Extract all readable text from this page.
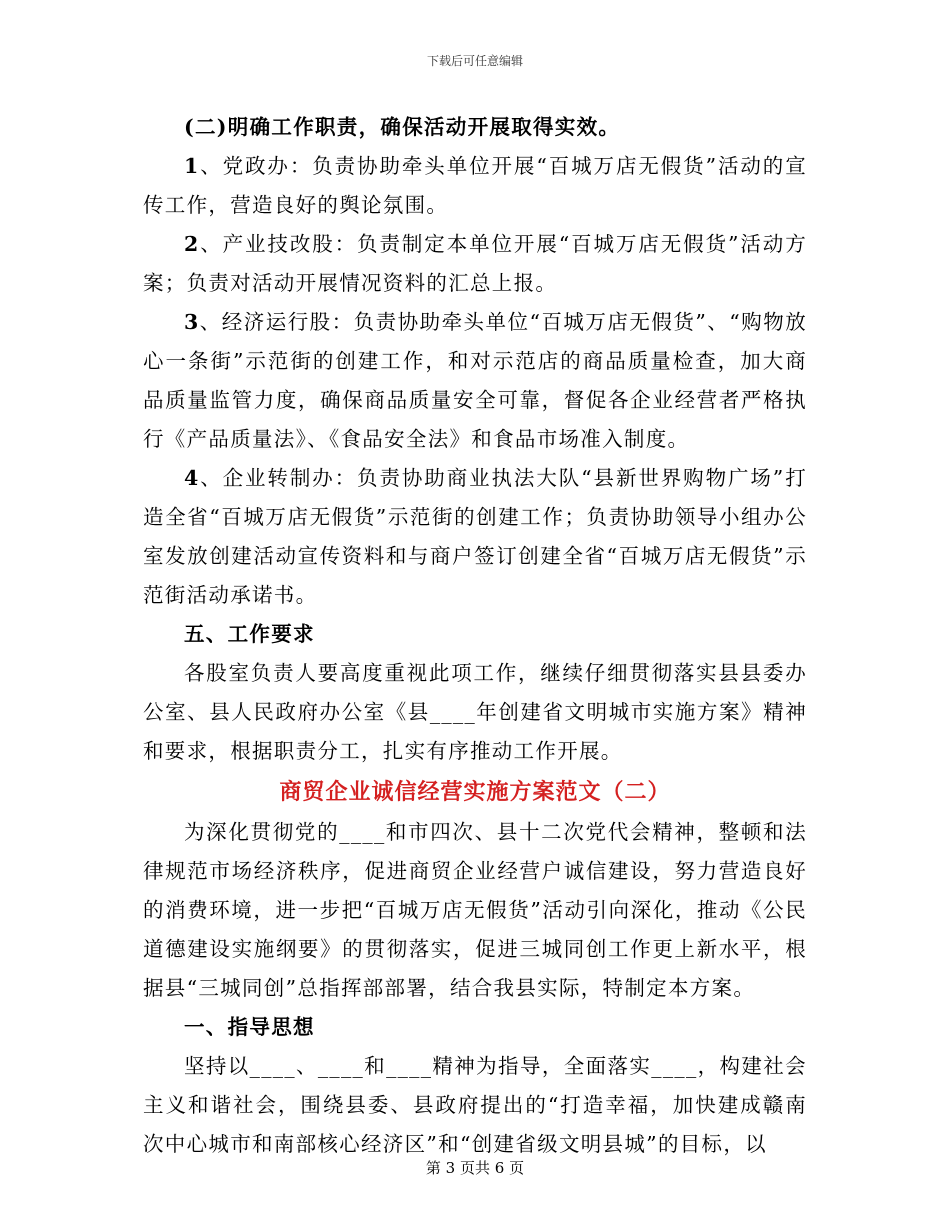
下载后可任意编辑

(二)明确工作职责，确保活动开展取得实效。

1、党政办：负责协助牵头单位开展“百城万店无假货”活动的宣传工作，营造良好的舆论氛围。

2、产业技改股：负责制定本单位开展“百城万店无假货”活动方案；负责对活动开展情况资料的汇总上报。

3、经济运行股：负责协助牵头单位“百城万店无假货”、“购物放心一条街”示范街的创建工作，和对示范店的商品质量检查，加大商品质量监管力度，确保商品质量安全可靠，督促各企业经营者严格执行《产品质量法》、《食品安全法》和食品市场准入制度。

4、企业转制办：负责协助商业执法大队“县新世界购物广场”打造全省“百城万店无假货”示范街的创建工作；负责协助领导小组办公室发放创建活动宣传资料和与商户签订创建全省“百城万店无假货”示范街活动承诺书。

五、工作要求

各股室负责人要高度重视此项工作，继续仔细贯彻落实县县委办公室、县人民政府办公室《县____年创建省文明城市实施方案》精神和要求，根据职责分工，扎实有序推动工作开展。

商贸企业诚信经营实施方案范文（二）

为深化贯彻党的____和市四次、县十二次党代会精神，整顿和法律规范市场经济秩序，促进商贸企业经营户诚信建设，努力营造良好的消费环境，进一步把“百城万店无假货”活动引向深化，推动《公民道德建设实施纲要》的贯彻落实，促进三城同创工作更上新水平，根据县“三城同创”总指挥部部署，结合我县实际，特制定本方案。

一、指导思想

坚持以____、____和____精神为指导，全面落实____，构建社会主义和谐社会，围绕县委、县政府提出的“打造幸福，加快建成赣南次中心城市和南部核心经济区”和“创建省级文明县城”的目标，以

第 3 页共 6 页
